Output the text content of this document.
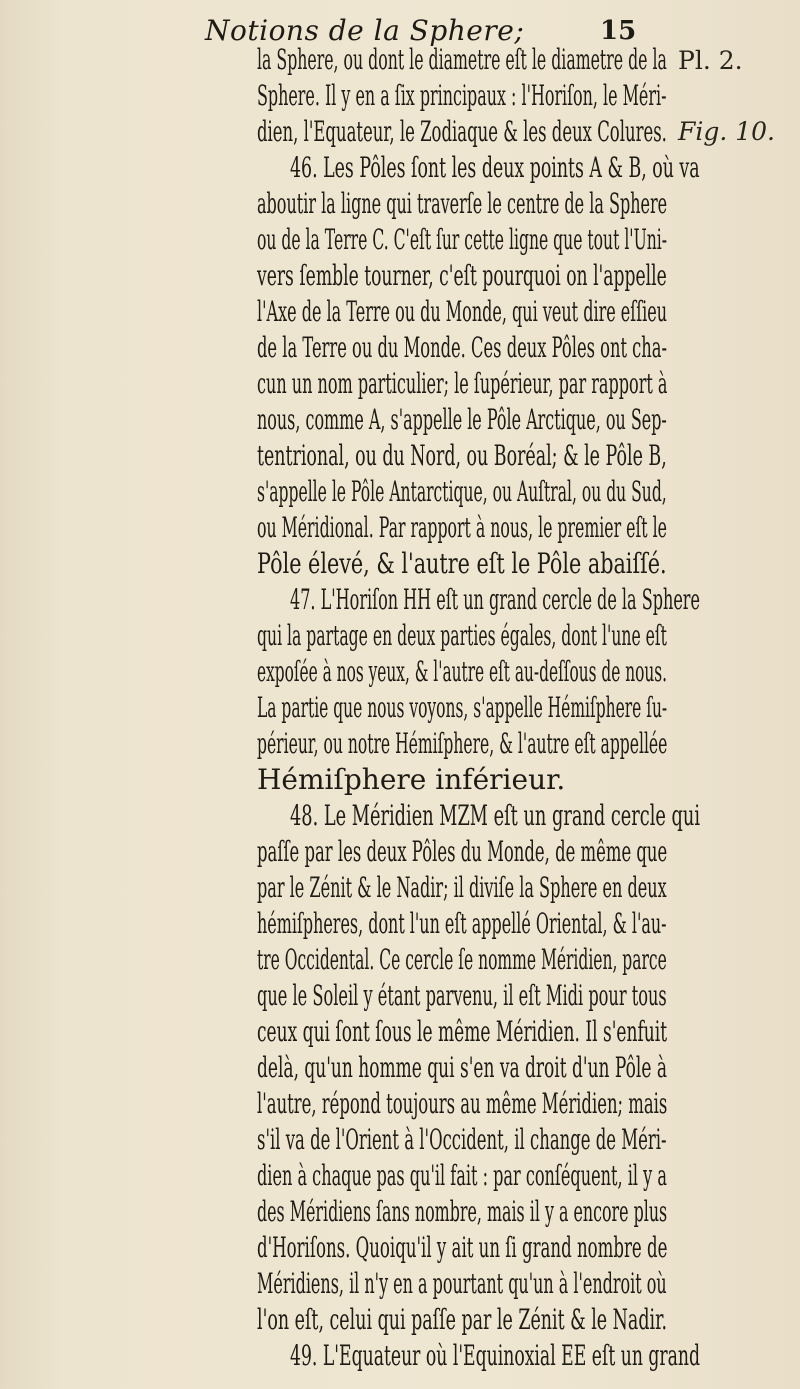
Notions de la Sphere;	15
Pl. 2.
Fig. 10.
la Sphere, ou dont le diametre eſt le diametre de la
Sphere. Il y en a ſix principaux : l'Horiſon, le Méri-
dien, l'Equateur, le Zodiaque & les deux Colures.
46. Les Pôles ſont les deux points A & B, où va
aboutir la ligne qui traverſe le centre de la Sphere
ou de la Terre C. C'eſt ſur cette ligne que tout l'Uni-
vers ſemble tourner, c'eſt pourquoi on l'appelle
l'Axe de la Terre ou du Monde, qui veut dire eſſieu
de la Terre ou du Monde. Ces deux Pôles ont cha-
cun un nom particulier; le ſupérieur, par rapport à
nous, comme A, s'appelle le Pôle Arctique, ou Sep-
tentrional, ou du Nord, ou Boréal; & le Pôle B,
s'appelle le Pôle Antarctique, ou Auſtral, ou du Sud,
ou Méridional. Par rapport à nous, le premier eſt le
Pôle élevé, & l'autre eſt le Pôle abaiſſé.
47. L'Horiſon HH eſt un grand cercle de la Sphere
qui la partage en deux parties égales, dont l'une eſt
expoſée à nos yeux, & l'autre eſt au-deſſous de nous.
La partie que nous voyons, s'appelle Hémiſphere ſu-
périeur, ou notre Hémiſphere, & l'autre eſt appellée
Hémiſphere inférieur.
48. Le Méridien MZM eſt un grand cercle qui
paſſe par les deux Pôles du Monde, de même que
par le Zénit & le Nadir; il diviſe la Sphere en deux
hémiſpheres, dont l'un eſt appellé Oriental, & l'au-
tre Occidental. Ce cercle ſe nomme Méridien, parce
que le Soleil y étant parvenu, il eſt Midi pour tous
ceux qui ſont ſous le même Méridien. Il s'enfuit
delà, qu'un homme qui s'en va droit d'un Pôle à
l'autre, répond toujours au même Méridien; mais
s'il va de l'Orient à l'Occident, il change de Méri-
dien à chaque pas qu'il fait : par conſéquent, il y a
des Méridiens ſans nombre, mais il y a encore plus
d'Horiſons. Quoiqu'il y ait un ſi grand nombre de
Méridiens, il n'y en a pourtant qu'un à l'endroit où
l'on eſt, celui qui paſſe par le Zénit & le Nadir.
49. L'Equateur où l'Equinoxial EE eſt un grand
